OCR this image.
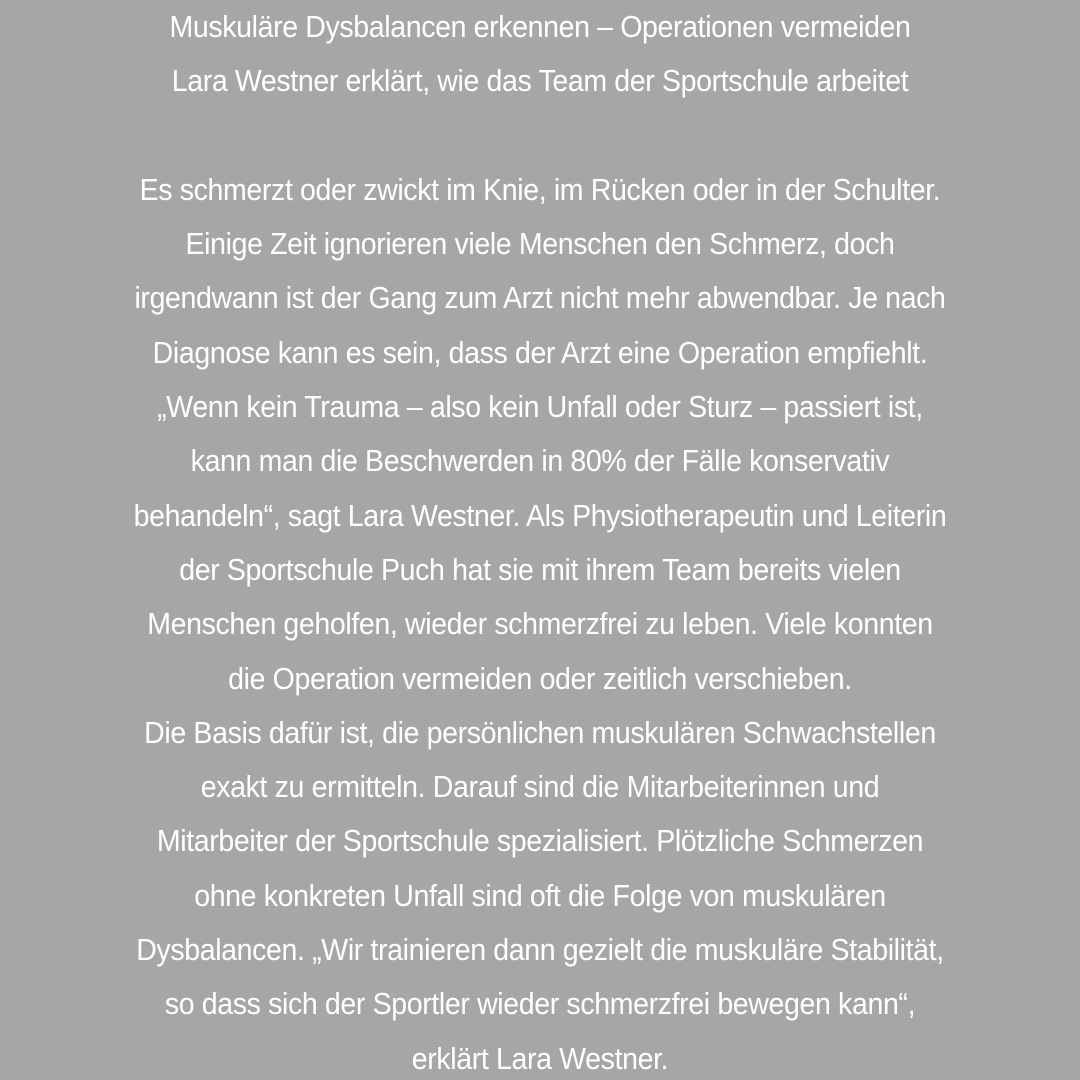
Muskuläre Dysbalancen erkennen – Operationen vermeiden
Lara Westner erklärt, wie das Team der Sportschule arbeitet
Es schmerzt oder zwickt im Knie, im Rücken oder in der Schulter.
Einige Zeit ignorieren viele Menschen den Schmerz, doch
irgendwann ist der Gang zum Arzt nicht mehr abwendbar. Je nach
Diagnose kann es sein, dass der Arzt eine Operation empfiehlt.
„Wenn kein Trauma – also kein Unfall oder Sturz – passiert ist,
kann man die Beschwerden in 80% der Fälle konservativ
behandeln“, sagt Lara Westner. Als Physiotherapeutin und Leiterin
der Sportschule Puch hat sie mit ihrem Team bereits vielen
Menschen geholfen, wieder schmerzfrei zu leben. Viele konnten
die Operation vermeiden oder zeitlich verschieben.
Die Basis dafür ist, die persönlichen muskulären Schwachstellen
exakt zu ermitteln. Darauf sind die Mitarbeiterinnen und
Mitarbeiter der Sportschule spezialisiert. Plötzliche Schmerzen
ohne konkreten Unfall sind oft die Folge von muskulären
Dysbalancen. „Wir trainieren dann gezielt die muskuläre Stabilität,
so dass sich der Sportler wieder schmerzfrei bewegen kann“,
erklärt Lara Westner.
